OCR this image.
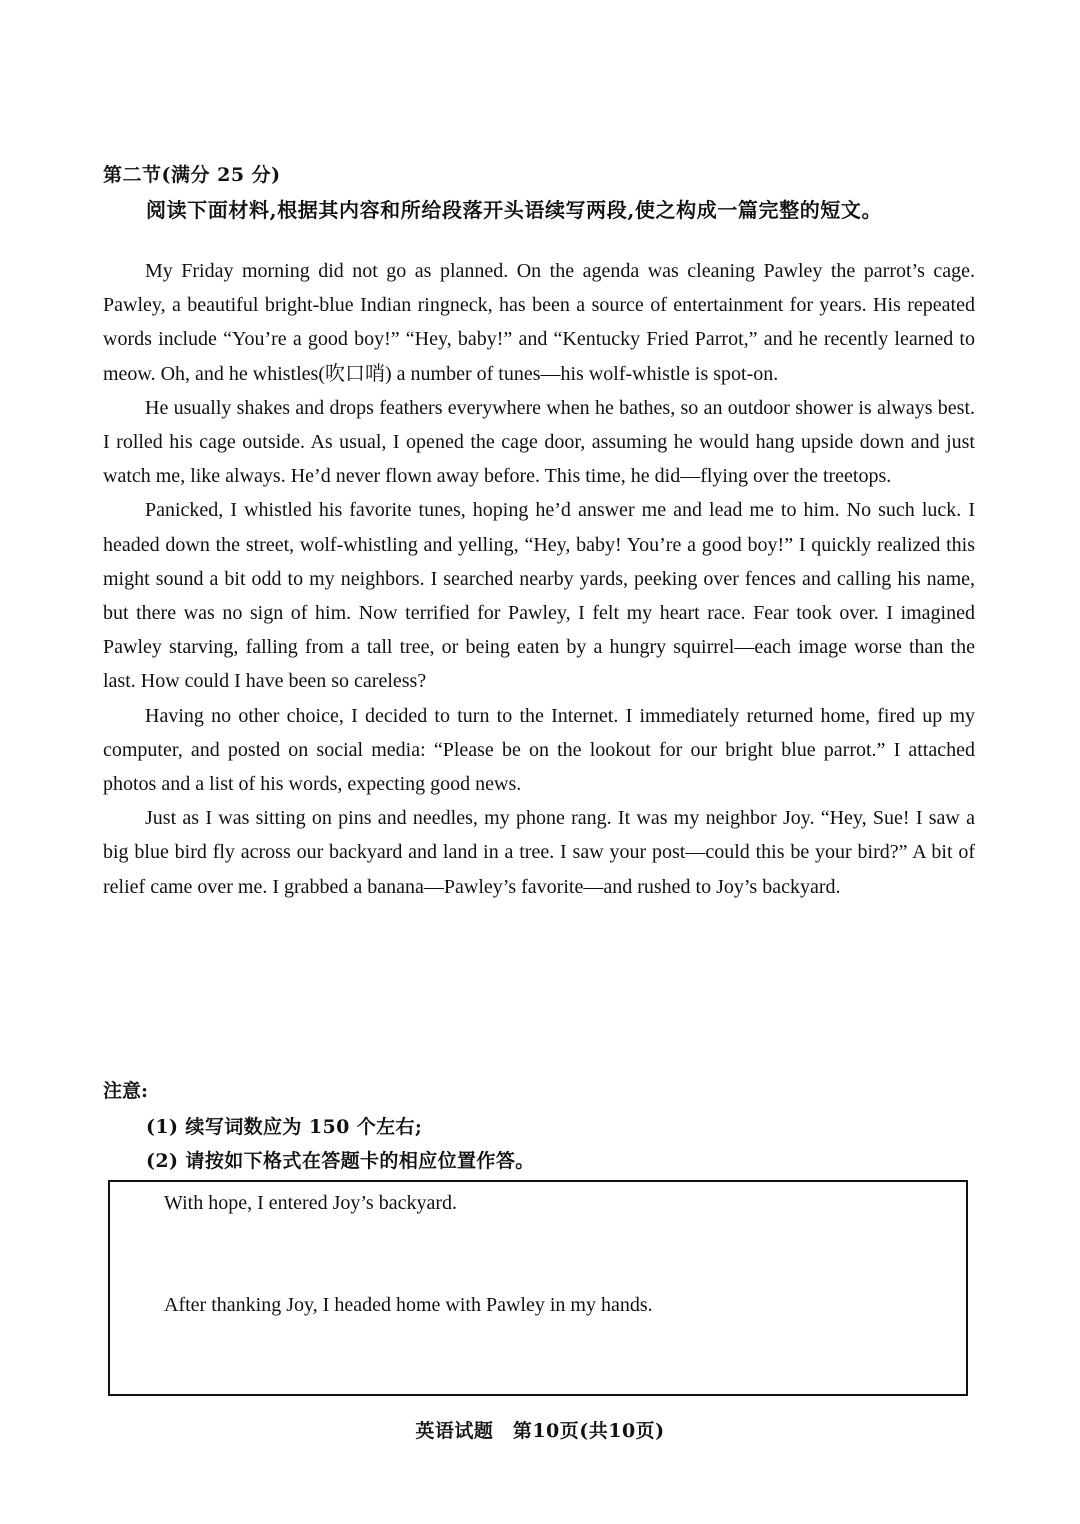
第二节(满分 25 分)
阅读下面材料,根据其内容和所给段落开头语续写两段,使之构成一篇完整的短文。

My Friday morning did not go as planned. On the agenda was cleaning Pawley the parrot’s cage. Pawley, a beautiful bright-blue Indian ringneck, has been a source of entertainment for years. His repeated words include “You’re a good boy!” “Hey, baby!” and “Kentucky Fried Parrot,” and he recently learned to meow. Oh, and he whistles(吹口哨) a number of tunes—his wolf-whistle is spot-on.

He usually shakes and drops feathers everywhere when he bathes, so an outdoor shower is always best. I rolled his cage outside. As usual, I opened the cage door, assuming he would hang upside down and just watch me, like always. He’d never flown away before. This time, he did—flying over the treetops.

Panicked, I whistled his favorite tunes, hoping he’d answer me and lead me to him. No such luck. I headed down the street, wolf-whistling and yelling, “Hey, baby! You’re a good boy!” I quickly realized this might sound a bit odd to my neighbors. I searched nearby yards, peeking over fences and calling his name, but there was no sign of him. Now terrified for Pawley, I felt my heart race. Fear took over. I imagined Pawley starving, falling from a tall tree, or being eaten by a hungry squirrel—each image worse than the last. How could I have been so careless?

Having no other choice, I decided to turn to the Internet. I immediately returned home, fired up my computer, and posted on social media: “Please be on the lookout for our bright blue parrot.” I attached photos and a list of his words, expecting good news.

Just as I was sitting on pins and needles, my phone rang. It was my neighbor Joy. “Hey, Sue! I saw a big blue bird fly across our backyard and land in a tree. I saw your post—could this be your bird?” A bit of relief came over me. I grabbed a banana—Pawley’s favorite—and rushed to Joy’s backyard.

注意:
(1) 续写词数应为 150 个左右;
(2) 请按如下格式在答题卡的相应位置作答。
With hope, I entered Joy’s backyard.
After thanking Joy, I headed home with Pawley in my hands.
英语试题　第10页(共10页)
